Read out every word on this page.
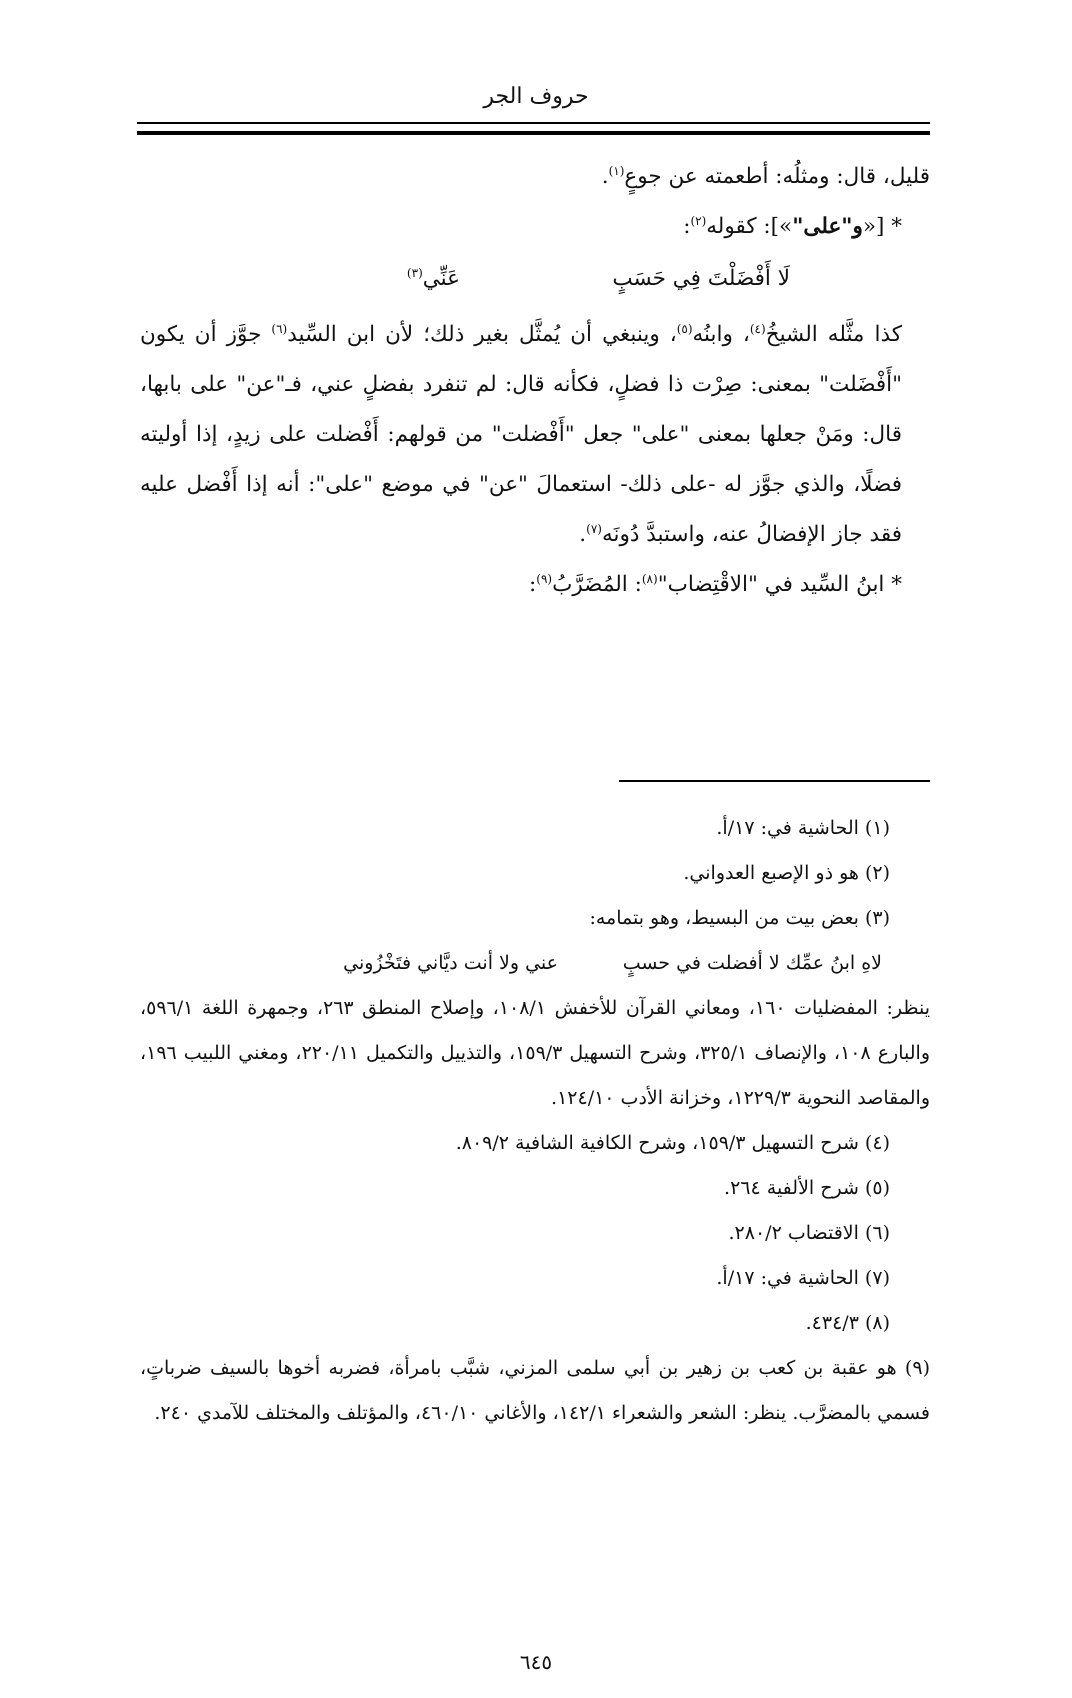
حروف الجر

قليل، قال: ومثلُه: أطعمته عن جوعٍ$^{(١)}$.

* [«و"على"»]: كقوله$^{(٢)}$:

لَا أَفْضَلْتَ فِي حَسَبٍ
عَنِّي$^{(٣)}$

كذا مثَّله الشيخُ$^{(٤)}$، وابنُه$^{(٥)}$، وينبغي أن يُمثَّل بغير ذلك؛ لأن ابن السِّيد$^{(٦)}$ جوَّز أن يكون "أَفْضَلت" بمعنى: صِرْت ذا فضلٍ، فكأنه قال: لم تنفرد بفضلٍ عني، فـ"عن" على بابها، قال: ومَنْ جعلها بمعنى "على" جعل "أَفْضلت" من قولهم: أَفْضلت على زيدٍ، إذا أوليته فضلًا، والذي جوَّز له -على ذلك- استعمالَ "عن" في موضع "على": أنه إذا أَفْضل عليه فقد جاز الإفضالُ عنه، واستبدَّ دُونَه$^{(٧)}$.

* ابنُ السِّيد في "الاقْتِضاب"$^{(٨)}$: المُضَرَّبُ$^{(٩)}$:

(١) الحاشية في: ١٧/أ.

(٢) هو ذو الإصبع العدواني.

(٣) بعض بيت من البسيط، وهو بتمامه:

لاهِ ابنُ عمِّك لا أفضلت في حسبٍ
عني ولا أنت ديَّاني فتَخْزُوني

ينظر: المفضليات ١٦٠، ومعاني القرآن للأخفش ١٠٨/١، وإصلاح المنطق ٢٦٣، وجمهرة اللغة ٥٩٦/١، والبارع ١٠٨، والإنصاف ٣٢٥/١، وشرح التسهيل ١٥٩/٣، والتذييل والتكميل ٢٢٠/١١، ومغني اللبيب ١٩٦، والمقاصد النحوية ١٢٢٩/٣، وخزانة الأدب ١٢٤/١٠.

(٤) شرح التسهيل ١٥٩/٣، وشرح الكافية الشافية ٨٠٩/٢.

(٥) شرح الألفية ٢٦٤.

(٦) الاقتضاب ٢٨٠/٢.

(٧) الحاشية في: ١٧/أ.

(٨) ٤٣٤/٣.

(٩) هو عقبة بن كعب بن زهير بن أبي سلمى المزني، شبَّب بامرأة، فضربه أخوها بالسيف ضرباتٍ، فسمي بالمضرَّب. ينظر: الشعر والشعراء ١٤٢/١، والأغاني ٤٦٠/١٠، والمؤتلف والمختلف للآمدي ٢٤٠.

٦٤٥
